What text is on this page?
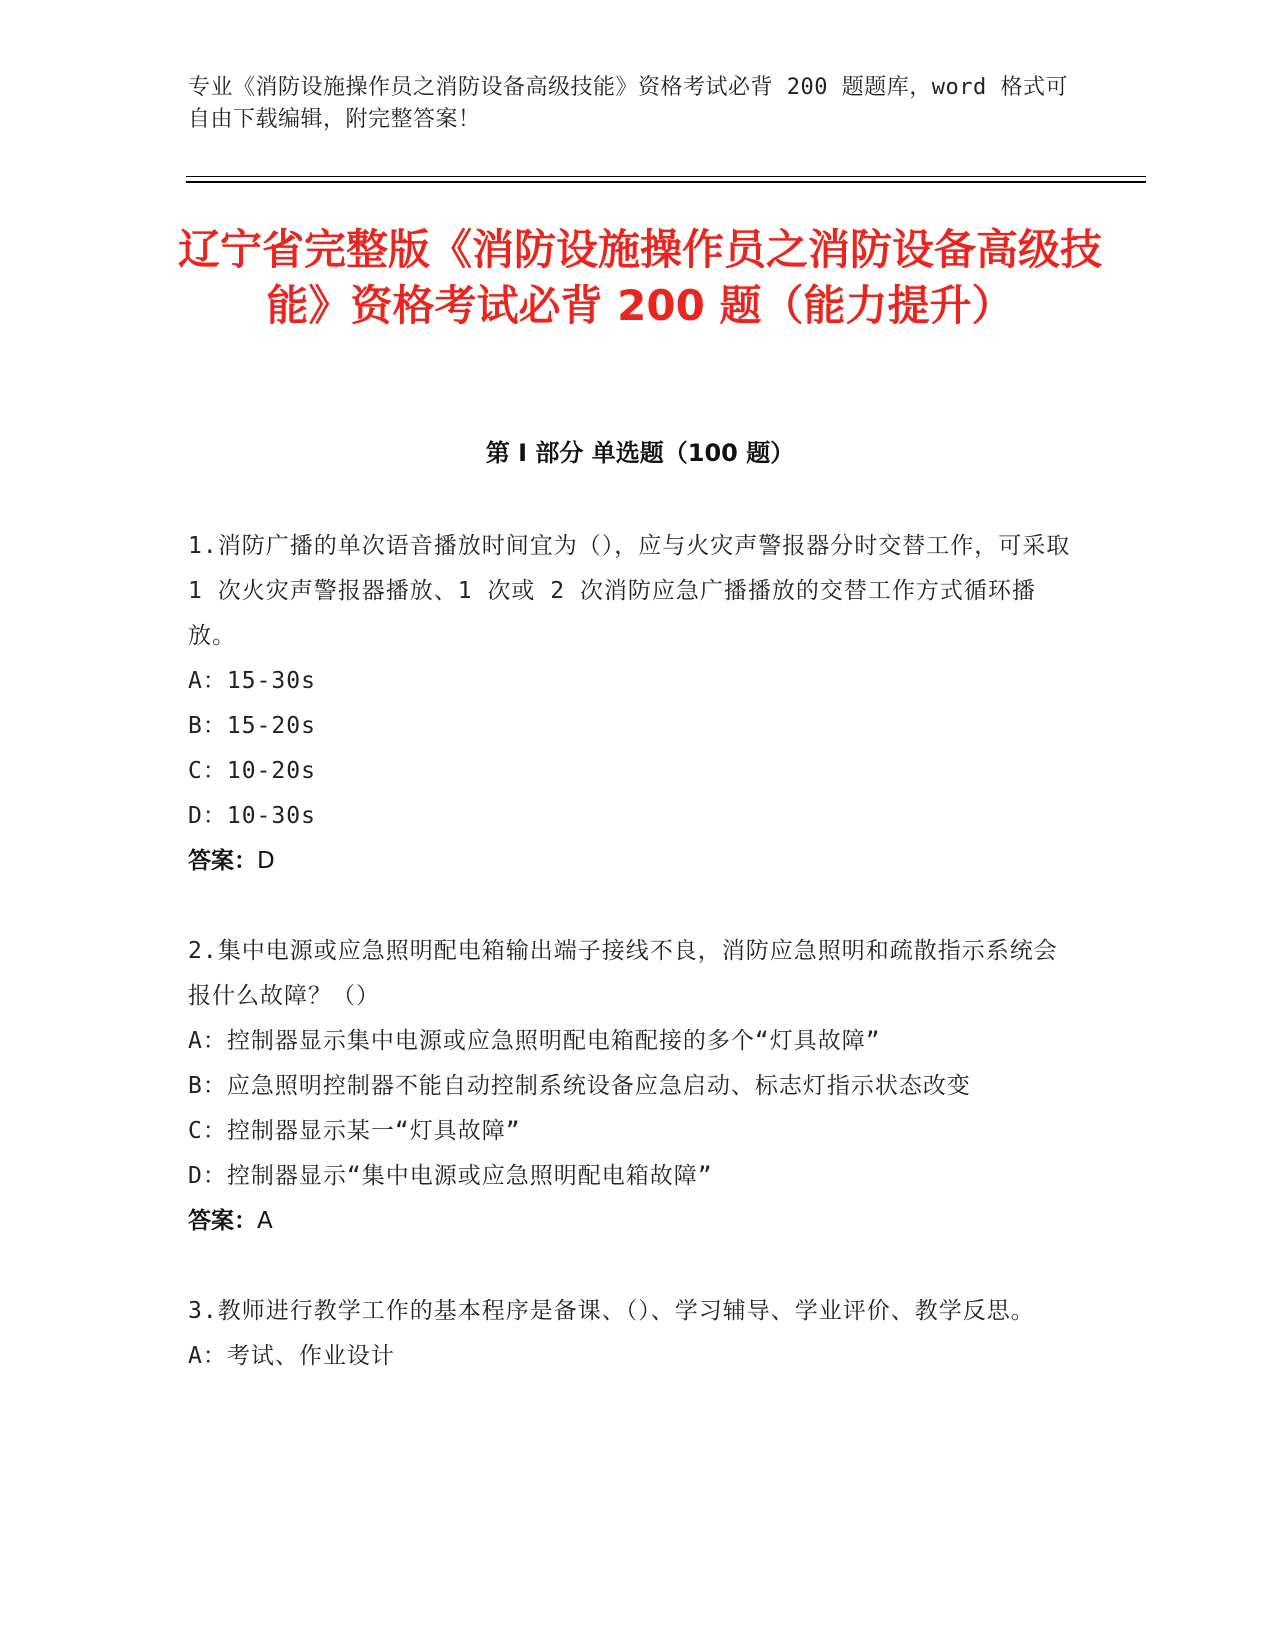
专业《消防设施操作员之消防设备高级技能》资格考试必背 200 题题库，word 格式可自由下载编辑，附完整答案！
辽宁省完整版《消防设施操作员之消防设备高级技能》资格考试必背 200 题（能力提升）
第 I 部分 单选题（100 题）

1.消防广播的单次语音播放时间宜为（），应与火灾声警报器分时交替工作，可采取 1 次火灾声警报器播放、1 次或 2 次消防应急广播播放的交替工作方式循环播放。

A：15-30s

B：15-20s

C：10-20s

D：10-30s

答案：D

2.集中电源或应急照明配电箱输出端子接线不良，消防应急照明和疏散指示系统会报什么故障？（）

A：控制器显示集中电源或应急照明配电箱配接的多个“灯具故障”

B：应急照明控制器不能自动控制系统设备应急启动、标志灯指示状态改变

C：控制器显示某一“灯具故障”

D：控制器显示“集中电源或应急照明配电箱故障”

答案：A

3.教师进行教学工作的基本程序是备课、（）、学习辅导、学业评价、教学反思。

A：考试、作业设计
